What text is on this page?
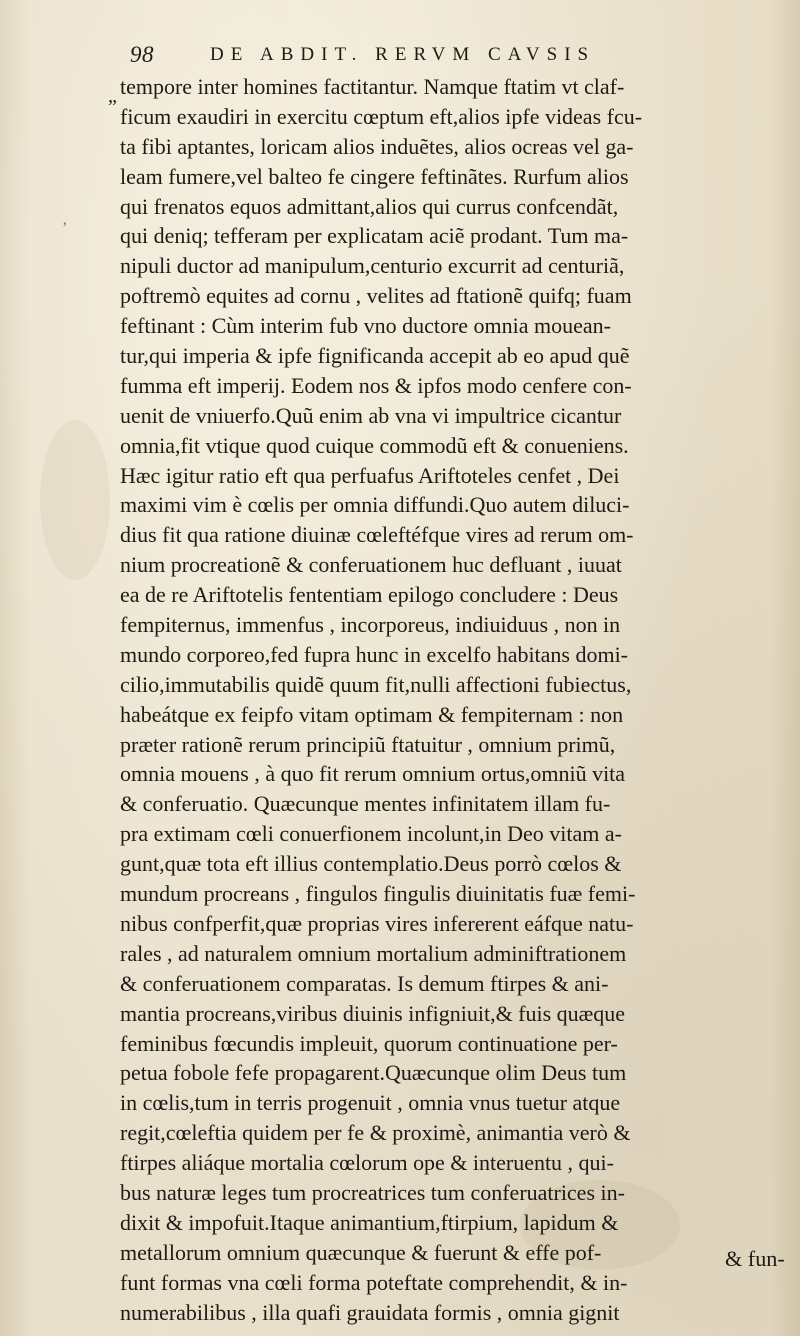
98	DE ABDIT. RERVM CAVSIS
„
’
tempore inter homines factitantur. Namque ftatim vt claf-
ficum exaudiri in exercitu cœptum eft,alios ipfe videas fcu-
ta fibi aptantes, loricam alios induẽtes, alios ocreas vel ga-
leam fumere,vel balteo fe cingere feftinãtes. Rurfum alios
qui frenatos equos admittant,alios qui currus confcendãt,
qui deniq; tefferam per explicatam aciẽ prodant. Tum ma-
nipuli ductor ad manipulum,centurio excurrit ad centuriã,
poftremò equites ad cornu , velites ad ftationẽ quifq; fuam
feftinant : Cùm interim fub vno ductore omnia mouean-
tur,qui imperia & ipfe fignificanda accepit ab eo apud quẽ
fumma eft imperij. Eodem nos & ipfos modo cenfere con-
uenit de vniuerfo.Quũ enim ab vna vi impultrice cicantur
omnia,fit vtique quod cuique commodũ eft & conueniens.
Hæc igitur ratio eft qua perfuafus Ariftoteles cenfet , Dei
maximi vim è cœlis per omnia diffundi.Quo autem diluci-
dius fit qua ratione diuinæ cœleftéfque vires ad rerum om-
nium procreationẽ & conferuationem huc defluant , iuuat
ea de re Ariftotelis fententiam epilogo concludere : Deus
fempiternus, immenfus , incorporeus, indiuiduus , non in
mundo corporeo,fed fupra hunc in excelfo habitans domi-
cilio,immutabilis quidẽ quum fit,nulli affectioni fubiectus,
habeátque ex feipfo vitam optimam & fempiternam : non
præter rationẽ rerum principiũ ftatuitur , omnium primũ,
omnia mouens , à quo fit rerum omnium ortus,omniũ vita
& conferuatio. Quæcunque mentes infinitatem illam fu-
pra extimam cœli conuerfionem incolunt,in Deo vitam a-
gunt,quæ tota eft illius contemplatio.Deus porrò cœlos &
mundum procreans , fingulos fingulis diuinitatis fuæ femi-
nibus confperfit,quæ proprias vires infererent eáfque natu-
rales , ad naturalem omnium mortalium adminiftrationem
& conferuationem comparatas. Is demum ftirpes & ani-
mantia procreans,viribus diuinis infigniuit,& fuis quæque
feminibus fœcundis impleuit, quorum continuatione per-
petua fobole fefe propagarent.Quæcunque olim Deus tum
in cœlis,tum in terris progenuit , omnia vnus tuetur atque
regit,cœleftia quidem per fe & proximè, animantia verò &
ftirpes aliáque mortalia cœlorum ope & interuentu , qui-
bus naturæ leges tum procreatrices tum conferuatrices in-
dixit & impofuit.Itaque animantium,ftirpium, lapidum &
metallorum omnium quæcunque & fuerunt & effe pof-
funt formas vna cœli forma poteftate comprehendit, & in-
numerabilibus , illa quafi grauidata formis , omnia gignit
& fun-
